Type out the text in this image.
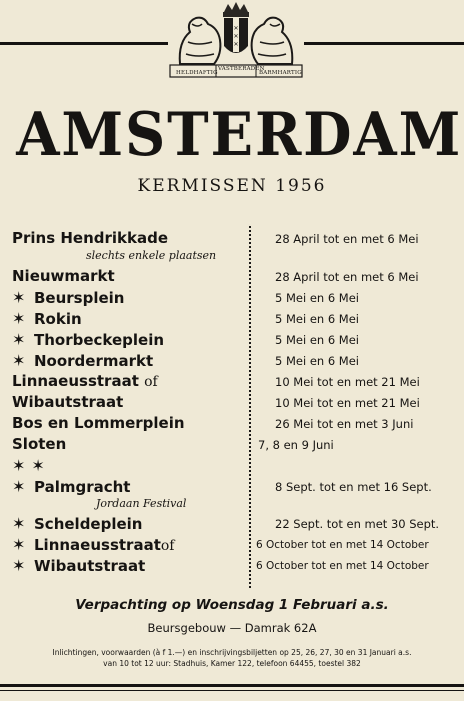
✕
✕
✕
HELDHAFTIG
VASTBERADEN
BARMHARTIG
AMSTERDAM
KERMISSEN 1956
Prins Hendrikkade
slechts enkele plaatsen
Nieuwmarkt
✶ Beursplein
✶ Rokin
✶ Thorbeckeplein
✶ Noordermarkt
Linnaeusstraat of
Wibautstraat
Bos en Lommerplein
Sloten
✶✶
✶ Palmgracht
Jordaan Festival
✶ Scheldeplein
✶ Linnaeusstraatof
✶ Wibautstraat
28 April tot en met 6 Mei
28 April tot en met 6 Mei
5 Mei en 6 Mei
5 Mei en 6 Mei
5 Mei en 6 Mei
5 Mei en 6 Mei
10 Mei tot en met 21 Mei
10 Mei tot en met 21 Mei
26 Mei tot en met 3 Juni
7, 8 en 9 Juni
8 Sept. tot en met 16 Sept.
22 Sept. tot en met 30 Sept.
6 October tot en met 14 October
6 October tot en met 14 October
Verpachting op Woensdag 1 Februari a.s.
Beursgebouw — Damrak 62A
Inlichtingen, voorwaarden (à f 1.—) en inschrijvingsbiljetten op 25, 26, 27, 30 en 31 Januari a.s.
van 10 tot 12 uur: Stadhuis, Kamer 122, telefoon 64455, toestel 382
